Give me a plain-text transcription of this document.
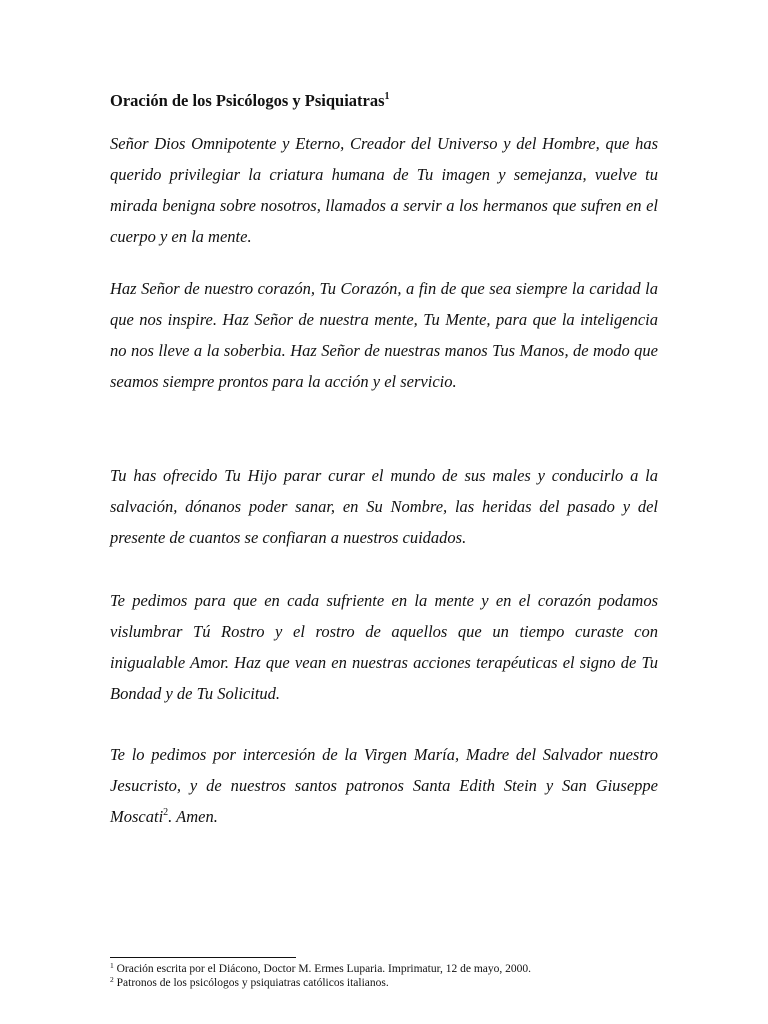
Oración de los Psicólogos y Psiquiatras$^1$

Señor Dios Omnipotente y Eterno, Creador del Universo y del Hombre, que has querido privilegiar la criatura humana de Tu imagen y semejanza, vuelve tu mirada benigna sobre nosotros, llamados a servir a los hermanos que sufren en el cuerpo y en la mente.

Haz Señor de nuestro corazón, Tu Corazón, a fin de que sea siempre la caridad la que nos inspire. Haz Señor de nuestra mente, Tu Mente, para que la inteligencia no nos lleve a la soberbia. Haz Señor de nuestras manos Tus Manos, de modo que seamos siempre prontos para la acción y el servicio.

Tu has ofrecido Tu Hijo parar curar el mundo de sus males y conducirlo a la salvación, dónanos poder sanar, en Su Nombre, las heridas del pasado y del presente de cuantos se confiaran a nuestros cuidados.

Te pedimos para que en cada sufriente en la mente y en el corazón podamos vislumbrar Tú Rostro y el rostro de aquellos que un tiempo curaste con inigualable Amor. Haz que vean en nuestras acciones terapéuticas el signo de Tu Bondad y de Tu Solicitud.

Te lo pedimos por intercesión de la Virgen María, Madre del Salvador nuestro Jesucristo, y de nuestros santos patronos Santa Edith Stein y San Giuseppe Moscati$^2$. Amen.

$^1$ Oración escrita por el Diácono, Doctor M. Ermes Luparia. Imprimatur, 12 de mayo, 2000.

$^2$ Patronos de los psicólogos y psiquiatras católicos italianos.
